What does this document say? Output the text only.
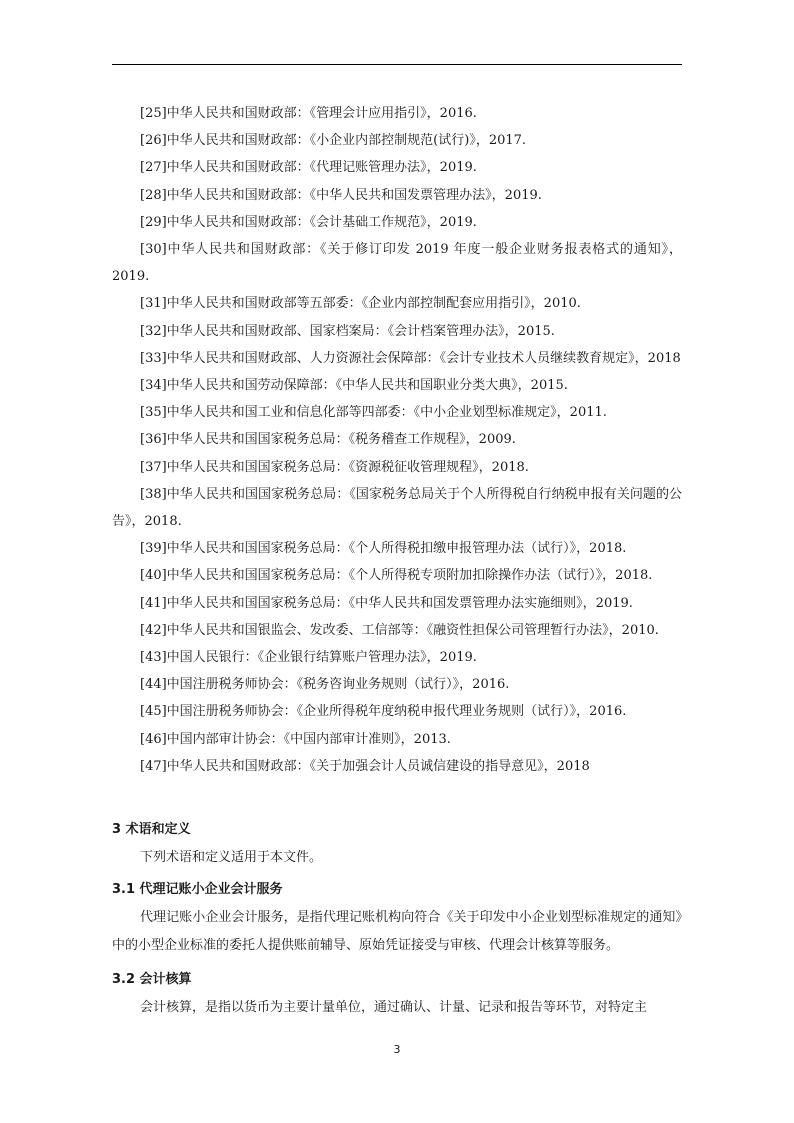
[25]中华人民共和国财政部：《管理会计应用指引》，2016.
[26]中华人民共和国财政部：《小企业内部控制规范(试行)》，2017.
[27]中华人民共和国财政部：《代理记账管理办法》，2019.
[28]中华人民共和国财政部：《中华人民共和国发票管理办法》，2019.
[29]中华人民共和国财政部：《会计基础工作规范》，2019.
[30]中华人民共和国财政部：《关于修订印发 2019 年度一般企业财务报表格式的通知》，2019.
[31]中华人民共和国财政部等五部委：《企业内部控制配套应用指引》，2010.
[32]中华人民共和国财政部、国家档案局：《会计档案管理办法》，2015.
[33]中华人民共和国财政部、人力资源社会保障部：《会计专业技术人员继续教育规定》，2018
[34]中华人民共和国劳动保障部：《中华人民共和国职业分类大典》，2015.
[35]中华人民共和国工业和信息化部等四部委：《中小企业划型标准规定》，2011.
[36]中华人民共和国国家税务总局：《税务稽查工作规程》，2009.
[37]中华人民共和国国家税务总局：《资源税征收管理规程》，2018.
[38]中华人民共和国国家税务总局：《国家税务总局关于个人所得税自行纳税申报有关问题的公告》，2018.
[39]中华人民共和国国家税务总局：《个人所得税扣缴申报管理办法（试行）》，2018.
[40]中华人民共和国国家税务总局：《个人所得税专项附加扣除操作办法（试行）》，2018.
[41]中华人民共和国国家税务总局：《中华人民共和国发票管理办法实施细则》，2019.
[42]中华人民共和国银监会、发改委、工信部等：《融资性担保公司管理暂行办法》，2010.
[43]中国人民银行：《企业银行结算账户管理办法》，2019.
[44]中国注册税务师协会：《税务咨询业务规则（试行）》，2016.
[45]中国注册税务师协会：《企业所得税年度纳税申报代理业务规则（试行）》，2016.
[46]中国内部审计协会：《中国内部审计准则》，2013.
[47]中华人民共和国财政部：《关于加强会计人员诚信建设的指导意见》，2018
3 术语和定义
下列术语和定义适用于本文件。
3.1 代理记账小企业会计服务
代理记账小企业会计服务，是指代理记账机构向符合《关于印发中小企业划型标准规定的通知》中的小型企业标准的委托人提供账前辅导、原始凭证接受与审核、代理会计核算等服务。
3.2 会计核算
会计核算，是指以货币为主要计量单位，通过确认、计量、记录和报告等环节，对特定主
3
